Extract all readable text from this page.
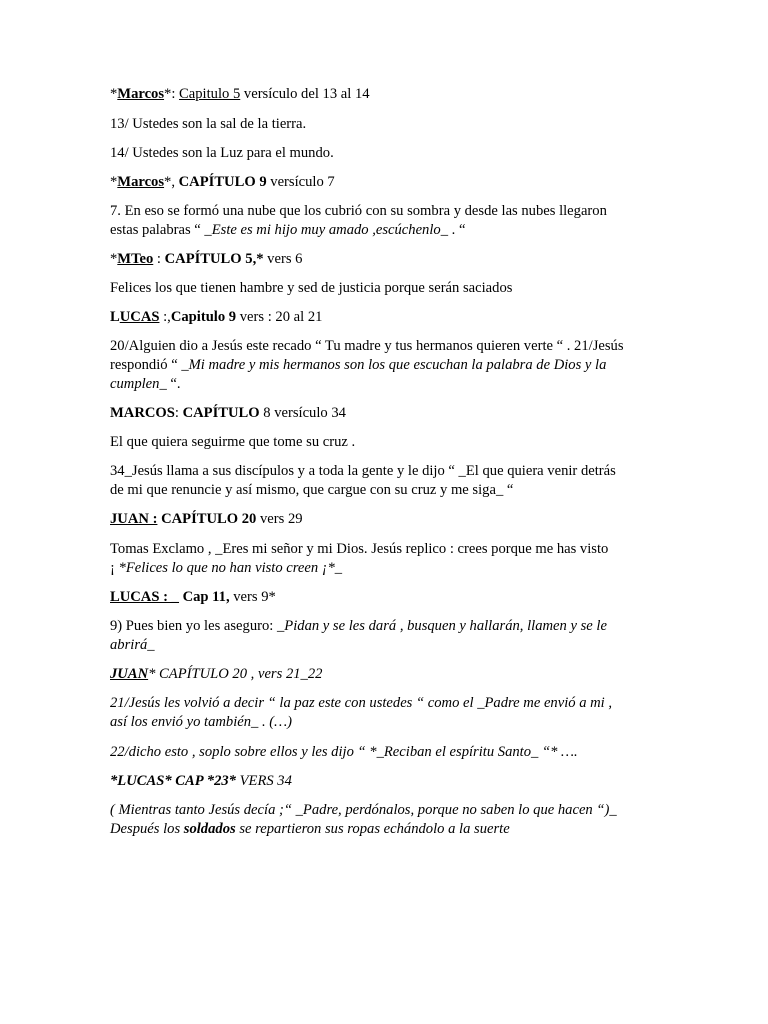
*Marcos*: Capitulo 5 versículo del 13 al 14
13/ Ustedes son la sal de la tierra.
14/ Ustedes son la Luz para el mundo.
*Marcos*, CAPÍTULO 9 versículo 7
7. En eso se formó una nube que los cubrió con su sombra y desde las nubes llegaron
estas palabras “ _Este es mi hijo muy amado ,escúchenlo_ . “
*MTeo : CAPÍTULO 5,* vers 6
Felices los que tienen hambre y sed de justicia porque serán saciados
LUCAS :,Capitulo 9 vers : 20 al 21
20/Alguien dio a Jesús este recado “ Tu madre y tus hermanos quieren verte “ . 21/Jesús
respondió “ _Mi madre y mis hermanos son los que escuchan la palabra de Dios y la
cumplen_ “.
MARCOS: CAPÍTULO 8 versículo 34
El que quiera seguirme que tome su cruz .
34_Jesús llama a sus discípulos y a toda la gente y le dijo “ _El que quiera venir detrás
de mi que renuncie y así mismo, que cargue con su cruz y me siga_ “
JUAN : CAPÍTULO 20 vers 29
Tomas Exclamo , _Eres mi señor y mi Dios. Jesús replico : crees porque me has visto
¡ *Felices lo que no han visto creen ¡*_
LUCAS : _ Cap 11, vers 9*
9) Pues bien yo les aseguro: _Pidan y se les dará , busquen y hallarán, llamen y se le
abrirá_
JUAN* CAPÍTULO 20 , vers 21_22
21/Jesús les volvió a decir “ la paz este con ustedes “ como el _Padre me envió a mi ,
así los envió yo también_ . (…)
22/dicho esto , soplo sobre ellos y les dijo “ *_Reciban el espíritu Santo_ “* ….
*LUCAS* CAP *23* VERS 34
( Mientras tanto Jesús decía ;“ _Padre, perdónalos, porque no saben lo que hacen “)_
Después los soldados se repartieron sus ropas echándolo a la suerte
